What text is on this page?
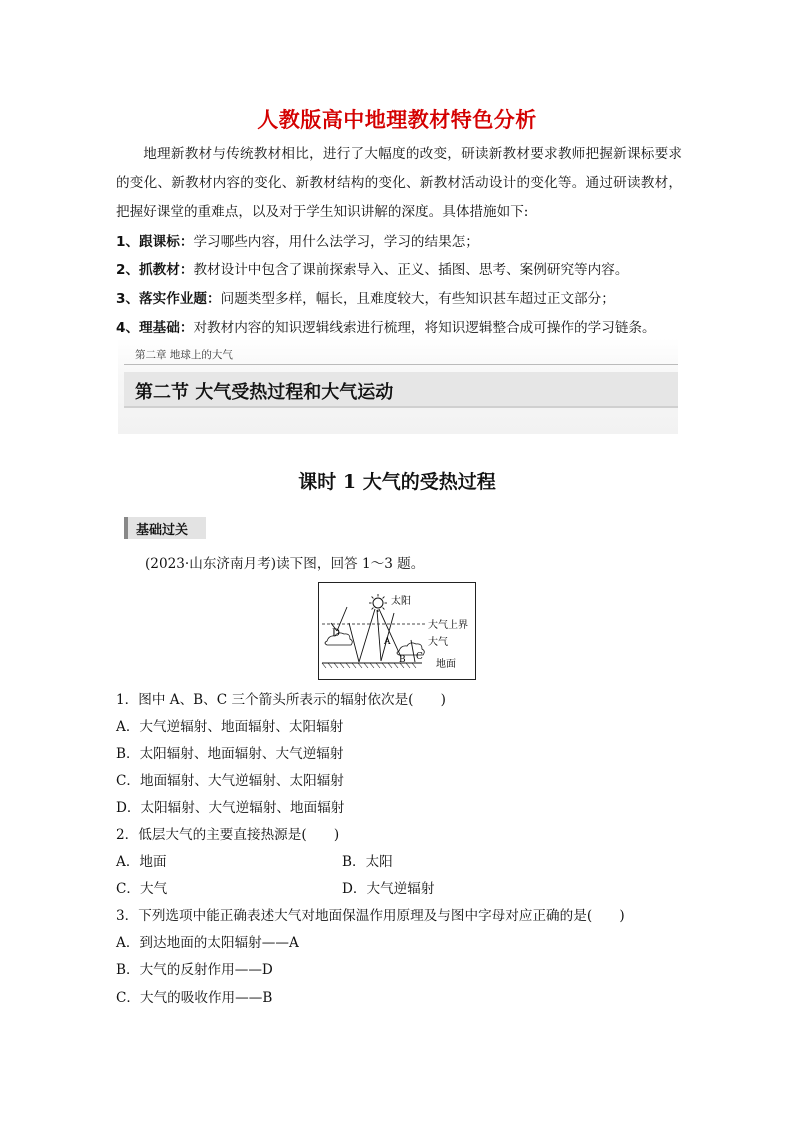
人教版高中地理教材特色分析
地理新教材与传统教材相比，进行了大幅度的改变，研读新教材要求教师把握新课标要求的变化、新教材内容的变化、新教材结构的变化、新教材活动设计的变化等。通过研读教材，把握好课堂的重难点，以及对于学生知识讲解的深度。具体措施如下:
1、跟课标：学习哪些内容，用什么法学习，学习的结果怎；
2、抓教材：教材设计中包含了课前探索导入、正义、插图、思考、案例研究等内容。
3、落实作业题：问题类型多样，幅长，且难度较大，有些知识甚车超过正文部分；
4、理基础：对教材内容的知识逻辑线索进行梳理，将知识逻辑整合成可操作的学习链条。
第二章 地球上的大气
第二节 大气受热过程和大气运动
课时 1 大气的受热过程
基础过关
(2023·山东济南月考)读下图，回答 1～3 题。
D
A
B C
太阳
大气上界
大气
地面
1．图中 A、B、C 三个箭头所表示的辐射依次是(　　)
A．大气逆辐射、地面辐射、太阳辐射
B．太阳辐射、地面辐射、大气逆辐射
C．地面辐射、大气逆辐射、太阳辐射
D．太阳辐射、大气逆辐射、地面辐射
2．低层大气的主要直接热源是(　　)
A．地面	B．太阳
C．大气	D．大气逆辐射
3．下列选项中能正确表述大气对地面保温作用原理及与图中字母对应正确的是(　　)
A．到达地面的太阳辐射——A
B．大气的反射作用——D
C．大气的吸收作用——B
